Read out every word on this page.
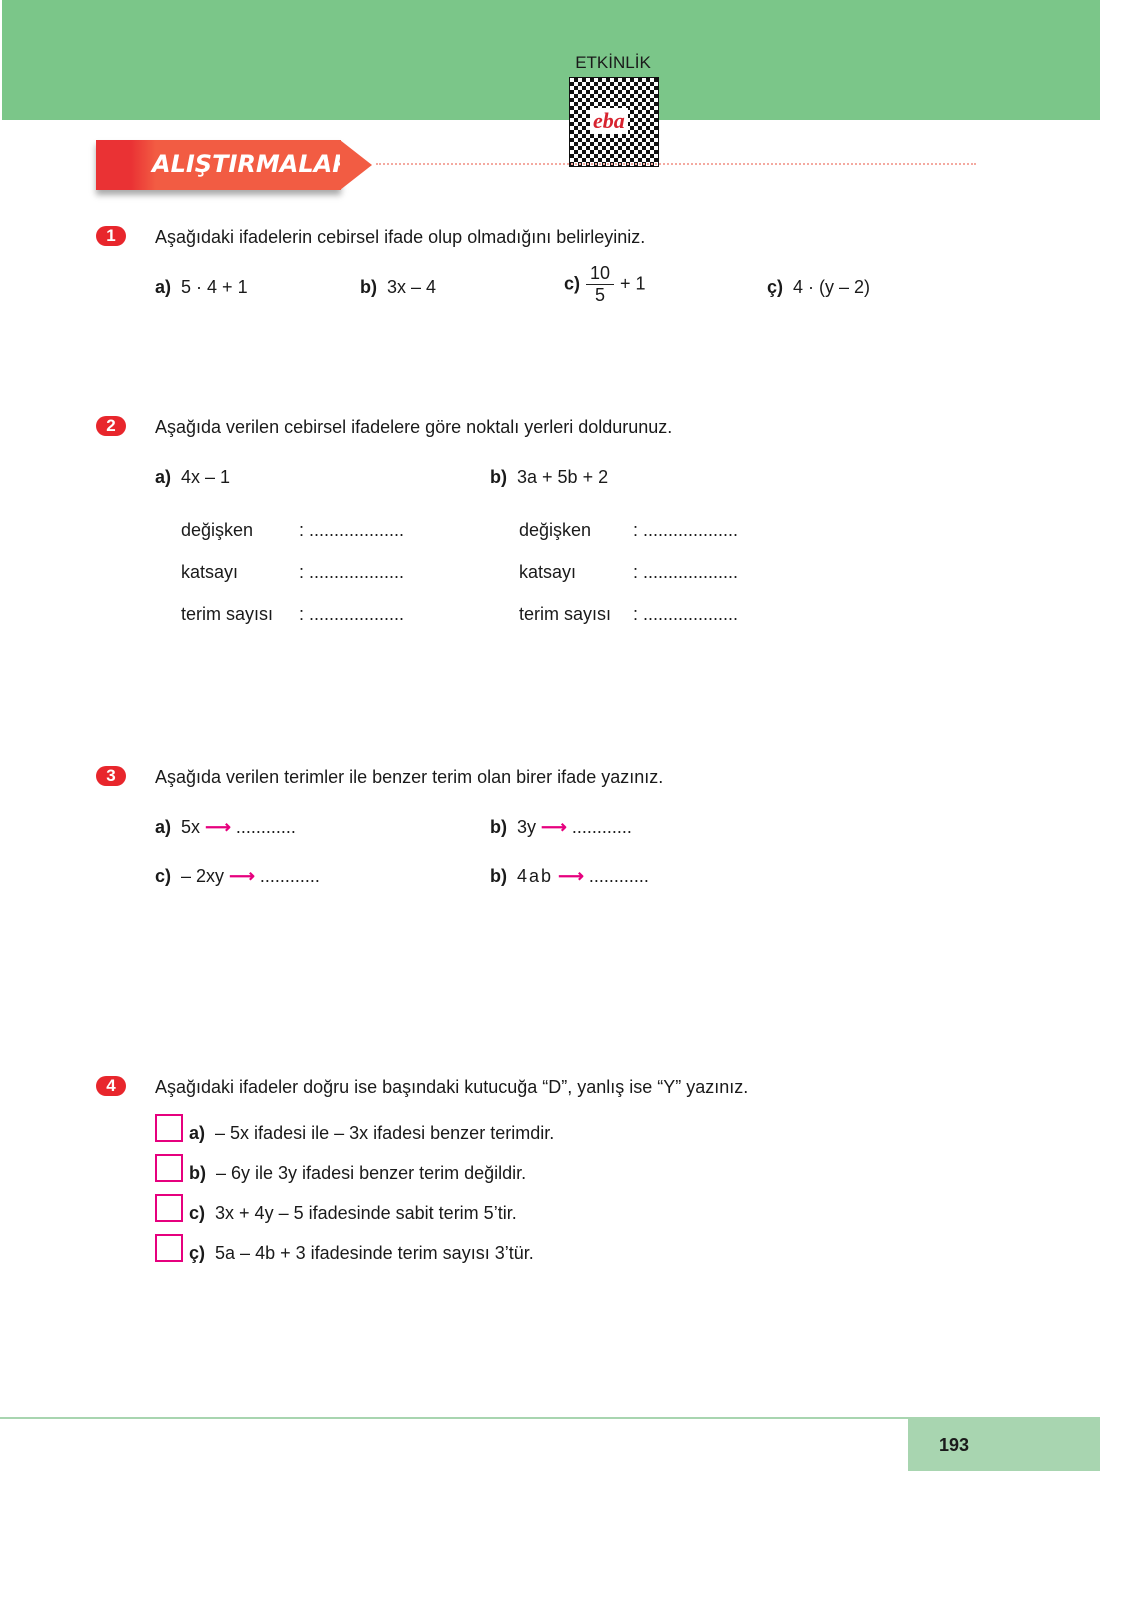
ETKİNLİK
eba
ALIŞTIRMALAR
1	Aşağıdaki ifadelerin cebirsel ifade olup olmadığını belirleyiniz.
a) 5 · 4 + 1	b) 3x – 4	$c) \frac{10}{5} + 1$	ç) 4 · (y – 2)
2	Aşağıda verilen cebirsel ifadelere göre noktalı yerleri doldurunuz.
a) 4x – 1	b) 3a + 5b + 2
değişken	: ...................
katsayı	: ...................
terim sayısı : ...................
değişken : ...................
katsayı	: ...................
terim sayısı : ...................
3	Aşağıda verilen terimler ile benzer terim olan birer ifade yazınız.
a) 5x ⟶ ............	b) 3y ⟶ ............
c) – 2xy ⟶ ............	b) 4ab ⟶ ............
4	Aşağıdaki ifadeler doğru ise başındaki kutucuğa “D”, yanlış ise “Y” yazınız.
a) – 5x ifadesi ile – 3x ifadesi benzer terimdir.
b) – 6y ile 3y ifadesi benzer terim değildir.
c) 3x + 4y – 5 ifadesinde sabit terim 5’tir.
ç) 5a – 4b + 3 ifadesinde terim sayısı 3’tür.
193
